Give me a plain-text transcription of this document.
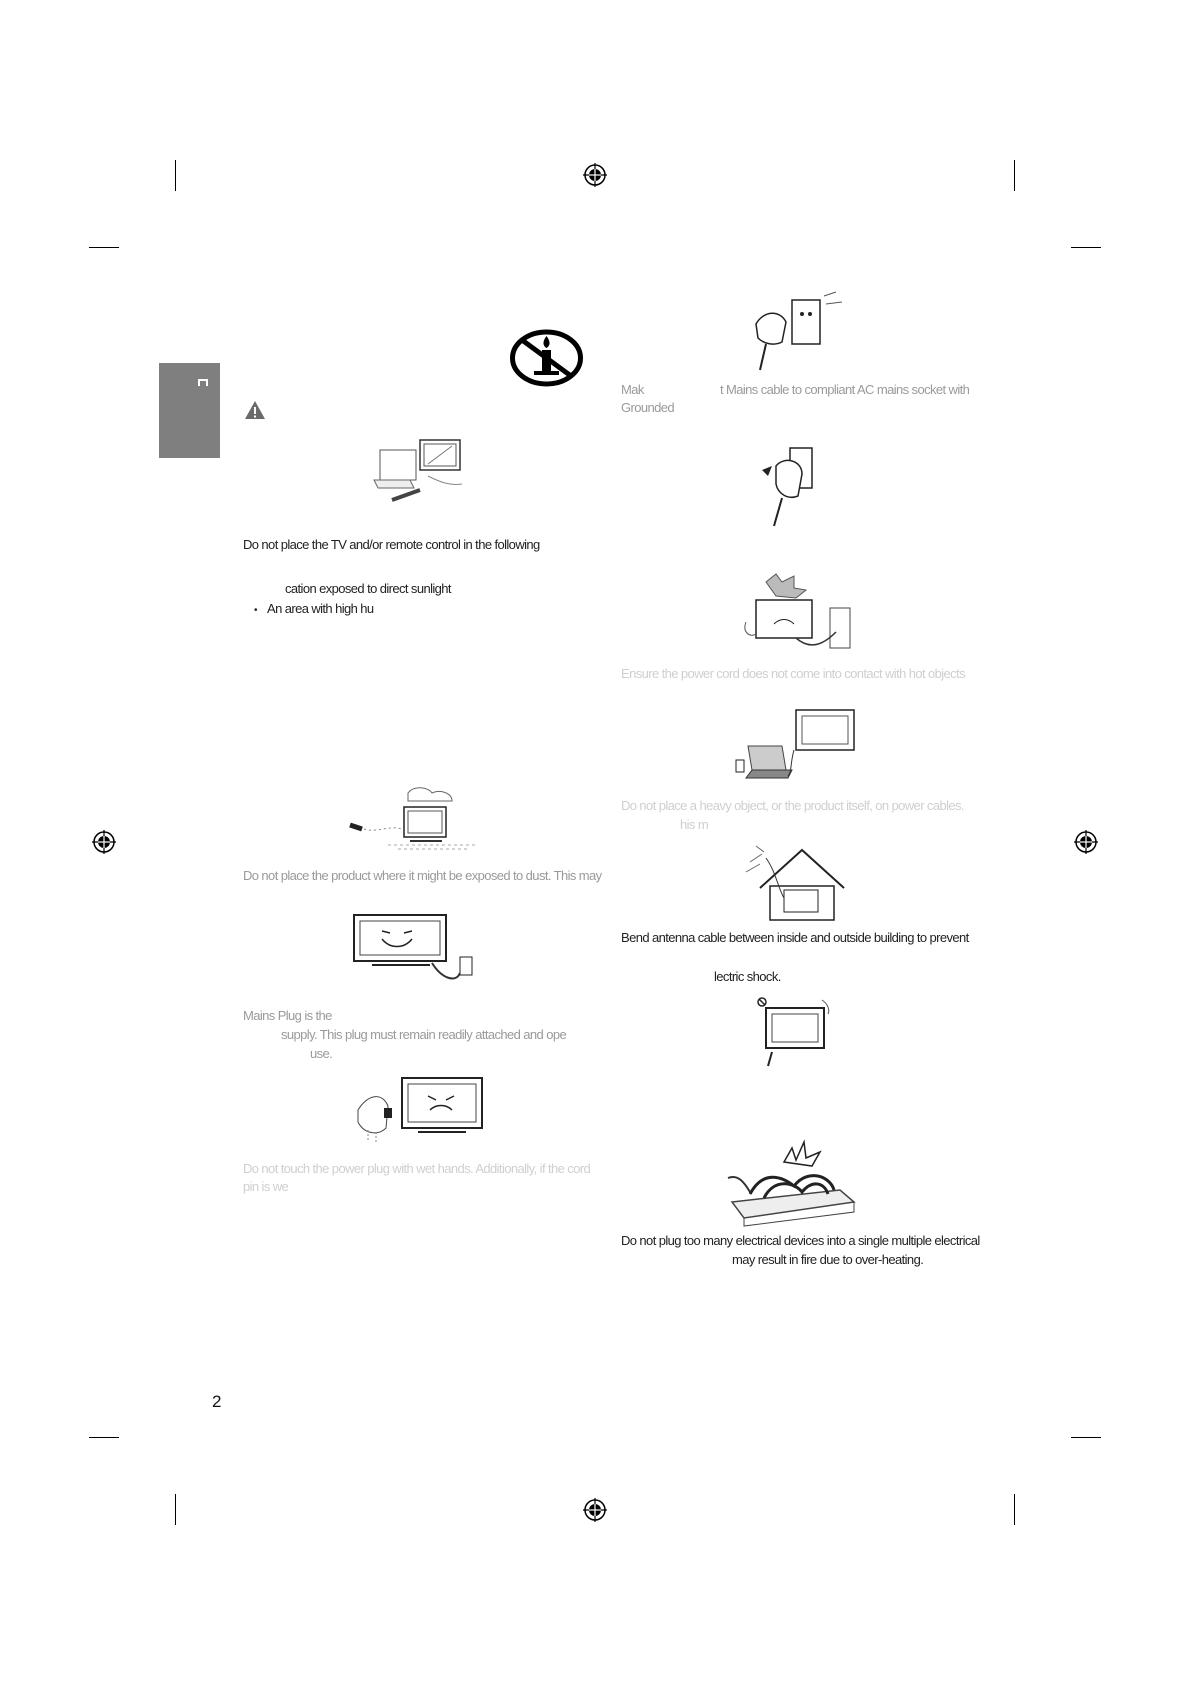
Do not place the TV and/or remote control in the following
cation exposed to direct sunlight
• An area with high hu
Do not place the product where it might be exposed to dust. This may
Mains Plug is the
supply. This plug must remain readily attached and ope
use.
Do not touch the power plug with wet hands. Additionally, if the cord
pin is we
Mak	t Mains cable to compliant AC mains socket with
Grounded
Ensure the power cord does not come into contact with hot objects
Do not place a heavy object, or the product itself, on power cables.
his m
Bend antenna cable between inside and outside building to prevent
lectric shock.
Do not plug too many electrical devices into a single multiple electrical
may result in fire due to over-heating.
2
